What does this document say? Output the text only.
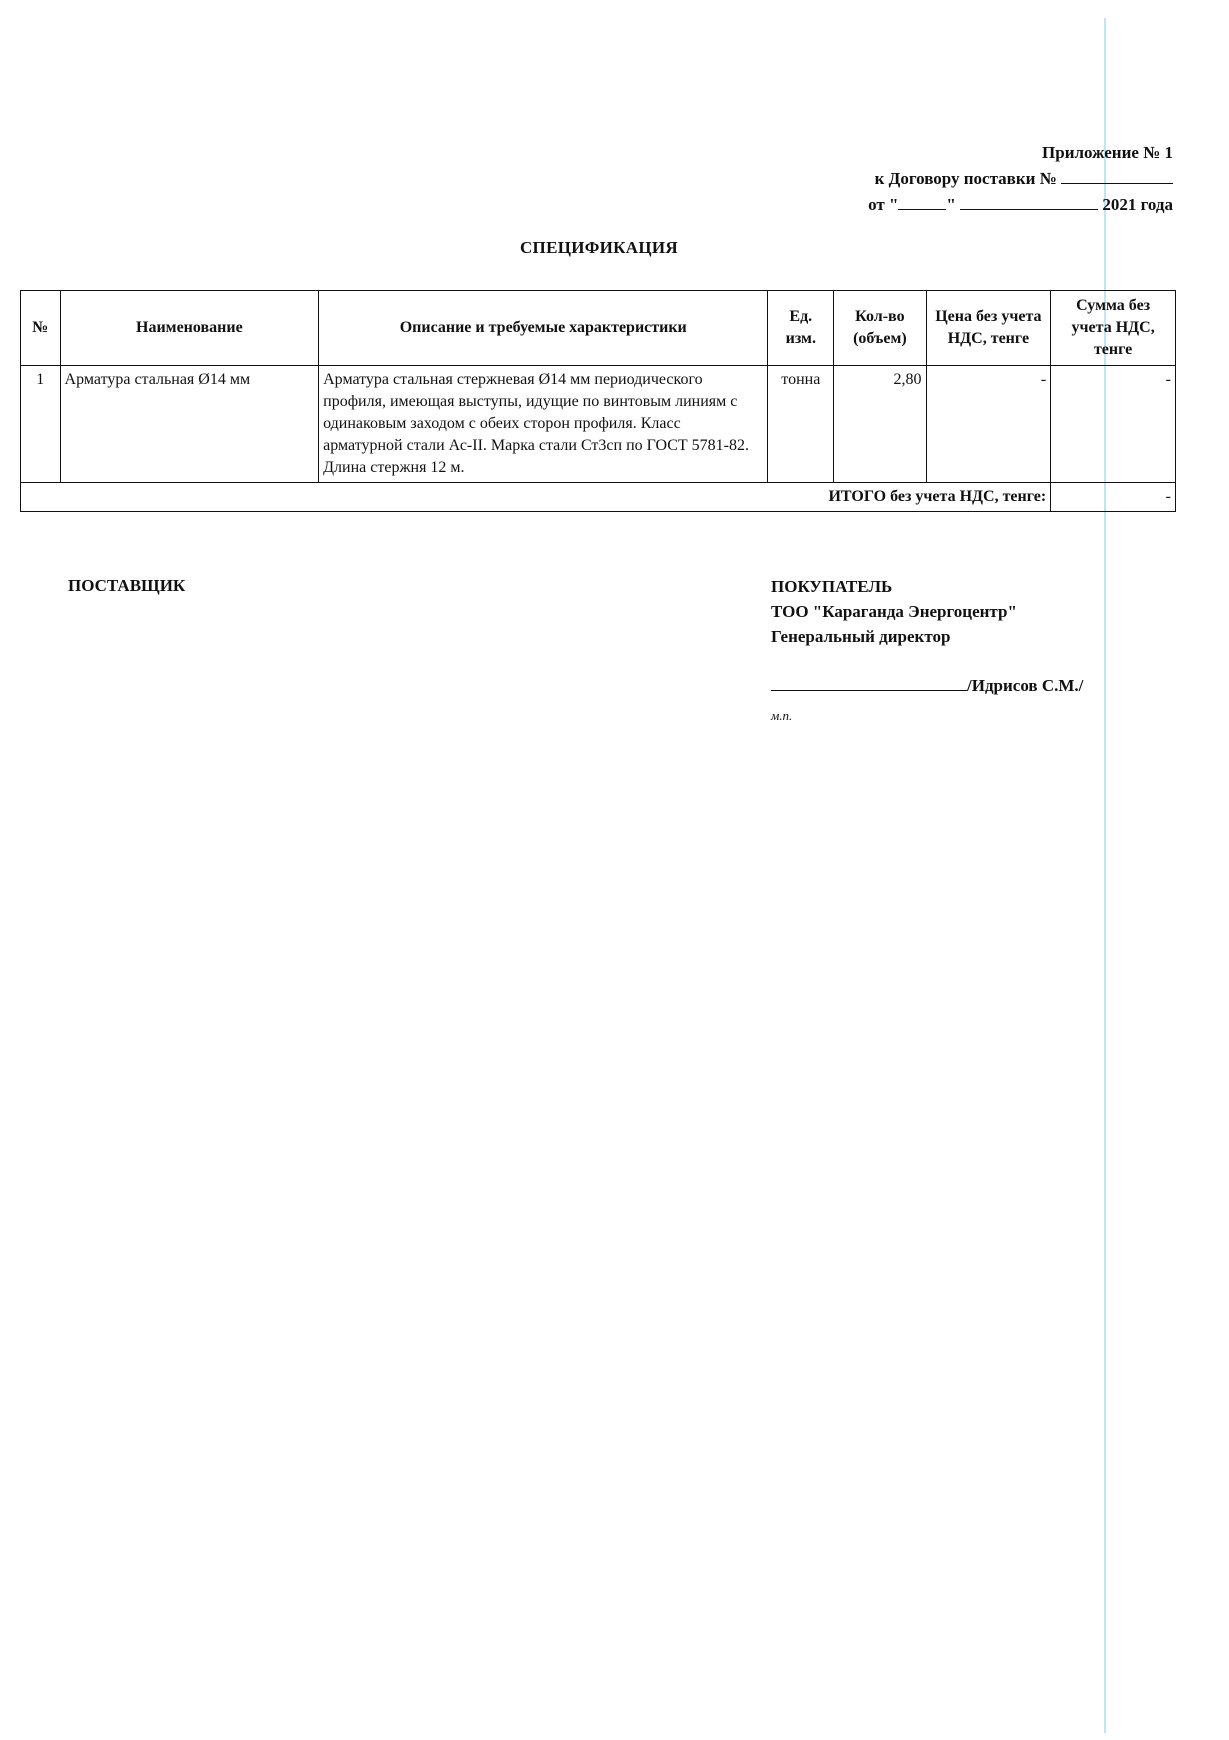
Приложение № 1
к Договору поставки №
от "	"	2021 года
СПЕЦИФИКАЦИЯ
№	Наименование	Описание и требуемые характеристики	Ед. изм.	Кол-во (объем)	Цена без учета НДС, тенге	Сумма без учета НДС, тенге
1	Арматура стальная Ø14 мм	Арматура стальная стержневая Ø14 мм периодического профиля, имеющая выступы, идущие по винтовым линиям с одинаковым заходом с обеих сторон профиля. Класс арматурной стали Ас-II. Марка стали Ст3сп по ГОСТ 5781-82. Длина стержня 12 м.	тонна	2,80	-	-
ИТОГО без учета НДС, тенге:						-
ПОСТАВЩИК	ПОКУПАТЕЛЬ
ТОО "Караганда Энергоцентр"
Генеральный директор
/Идрисов С.М./
м.п.
